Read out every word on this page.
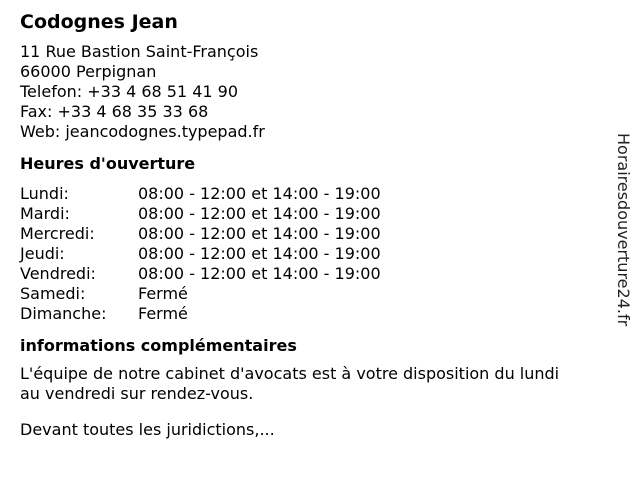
Codognes Jean
11 Rue Bastion Saint-François
66000 Perpignan
Telefon: +33 4 68 51 41 90
Fax: +33 4 68 35 33 68
Web: jeancodognes.typepad.fr
Heures d'ouverture
Lundi:	08:00 - 12:00 et 14:00 - 19:00
Mardi:	08:00 - 12:00 et 14:00 - 19:00
Mercredi:	08:00 - 12:00 et 14:00 - 19:00
Jeudi:	08:00 - 12:00 et 14:00 - 19:00
Vendredi:	08:00 - 12:00 et 14:00 - 19:00
Samedi:	Fermé
Dimanche:	Fermé
informations complémentaires

L'équipe de notre cabinet d'avocats est à votre disposition du lundi au vendredi sur rendez-vous.

Devant toutes les juridictions,...

Horairesdouverture24.fr
